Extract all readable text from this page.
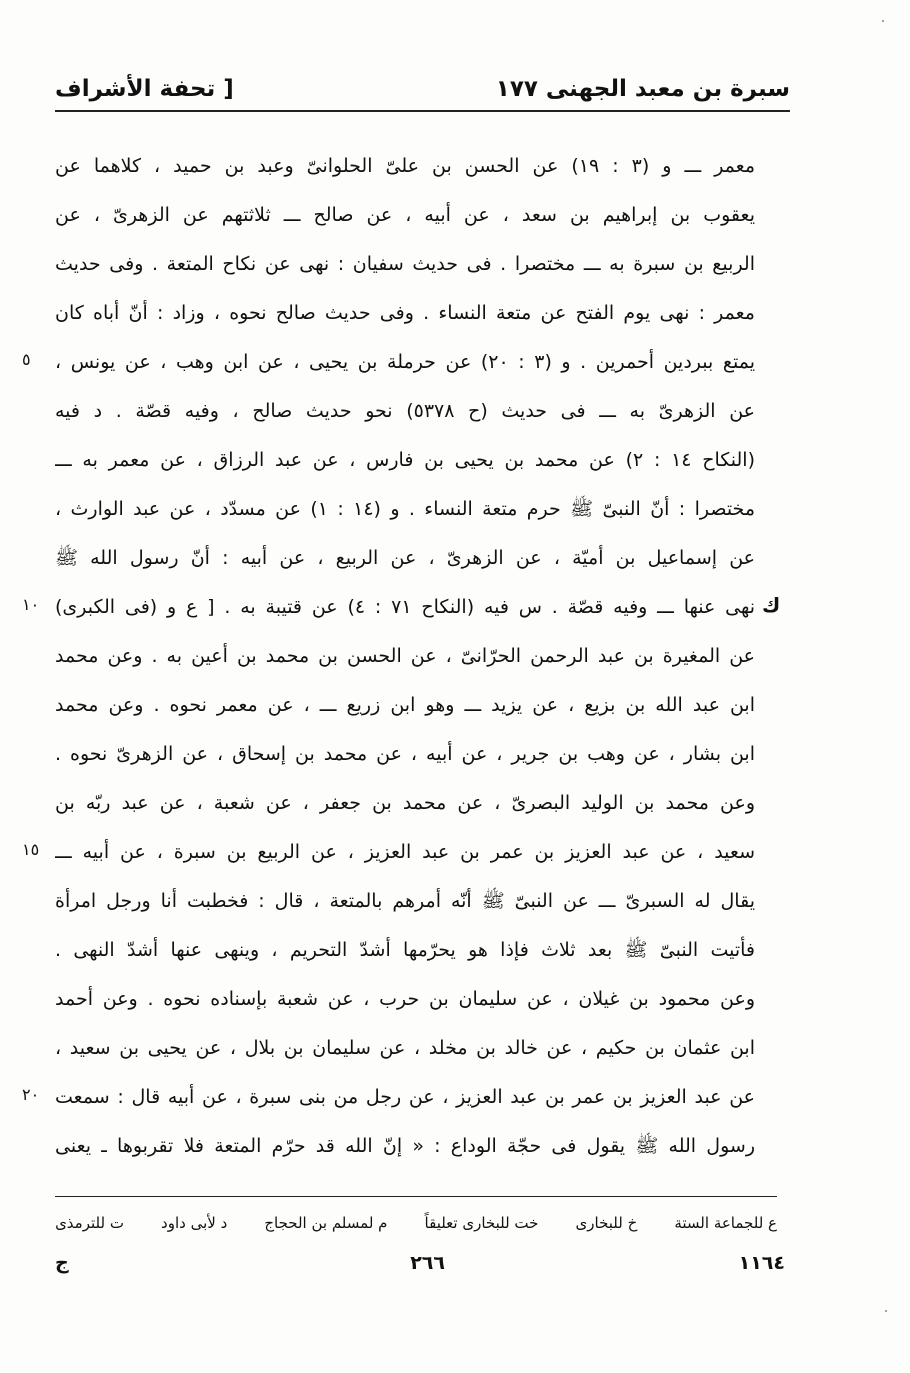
سبرة بن معبد الجهنى ١٧٧
[ تحفة الأشراف
معمر ـــ و (٣ : ١٩) عن الحسن بن علىّ الحلوانىّ وعبد بن حميد ، كلاهما عن
يعقوب بن إبراهيم بن سعد ، عن أبيه ، عن صالح ـــ ثلاثتهم عن الزهرىّ ، عن
الربيع بن سبرة به ـــ مختصرا . فى حديث سفيان : نهى عن نكاح المتعة . وفى حديث
معمر : نهى يوم الفتح عن متعة النساء . وفى حديث صالح نحوه ، وزاد : أنّ أباه كان
يمتع ببردين أحمرين . و (٣ : ٢٠) عن حرملة بن يحيى ، عن ابن وهب ، عن يونس ،
عن الزهرىّ به ـــ فى حديث (ح ٥٣٧٨) نحو حديث صالح ، وفيه قصّة . د فيه
(النكاح ١٤ : ٢) عن محمد بن يحيى بن فارس ، عن عبد الرزاق ، عن معمر به ـــ
مختصرا : أنّ النبىّ ﷺ حرم متعة النساء . و (١٤ : ١) عن مسدّد ، عن عبد الوارث ،
عن إسماعيل بن أميّة ، عن الزهرىّ ، عن الربيع ، عن أبيه : أنّ رسول الله ﷺ
نهى عنها ـــ وفيه قصّة . س فيه (النكاح ٧١ : ٤) عن قتيبة به . [ ع و (فى الكبرى)
عن المغيرة بن عبد الرحمن الحرّانىّ ، عن الحسن بن محمد بن أعين به . وعن محمد
ابن عبد الله بن بزيع ، عن يزيد ـــ وهو ابن زريع ـــ ، عن معمر نحوه . وعن محمد
ابن بشار ، عن وهب بن جرير ، عن أبيه ، عن محمد بن إسحاق ، عن الزهرىّ نحوه .
وعن محمد بن الوليد البصرىّ ، عن محمد بن جعفر ، عن شعبة ، عن عبد ربّه بن
سعيد ، عن عبد العزيز بن عمر بن عبد العزيز ، عن الربيع بن سبرة ، عن أبيه ـــ
يقال له السبرىّ ـــ عن النبىّ ﷺ أنّه أمرهم بالمتعة ، قال : فخطبت أنا ورجل امرأة
فأتيت النبىّ ﷺ بعد ثلاث فإذا هو يحرّمها أشدّ التحريم ، وينهى عنها أشدّ النهى .
وعن محمود بن غيلان ، عن سليمان بن حرب ، عن شعبة بإسناده نحوه . وعن أحمد
ابن عثمان بن حكيم ، عن خالد بن مخلد ، عن سليمان بن بلال ، عن يحيى بن سعيد ،
عن عبد العزيز بن عمر بن عبد العزيز ، عن رجل من بنى سبرة ، عن أبيه قال : سمعت
رسول الله ﷺ يقول فى حجّة الوداع : « إنّ الله قد حرّم المتعة فلا تقربوها ـ يعنى
٥
١٠
١٥
٢٠
ك
ع للجماعة الستة
خ للبخارى
خت للبخارى تعليقاً
م لمسلم بن الحجاج
د لأبى داود
ت للترمذى
١١٦٤
٢٦٦
ج
